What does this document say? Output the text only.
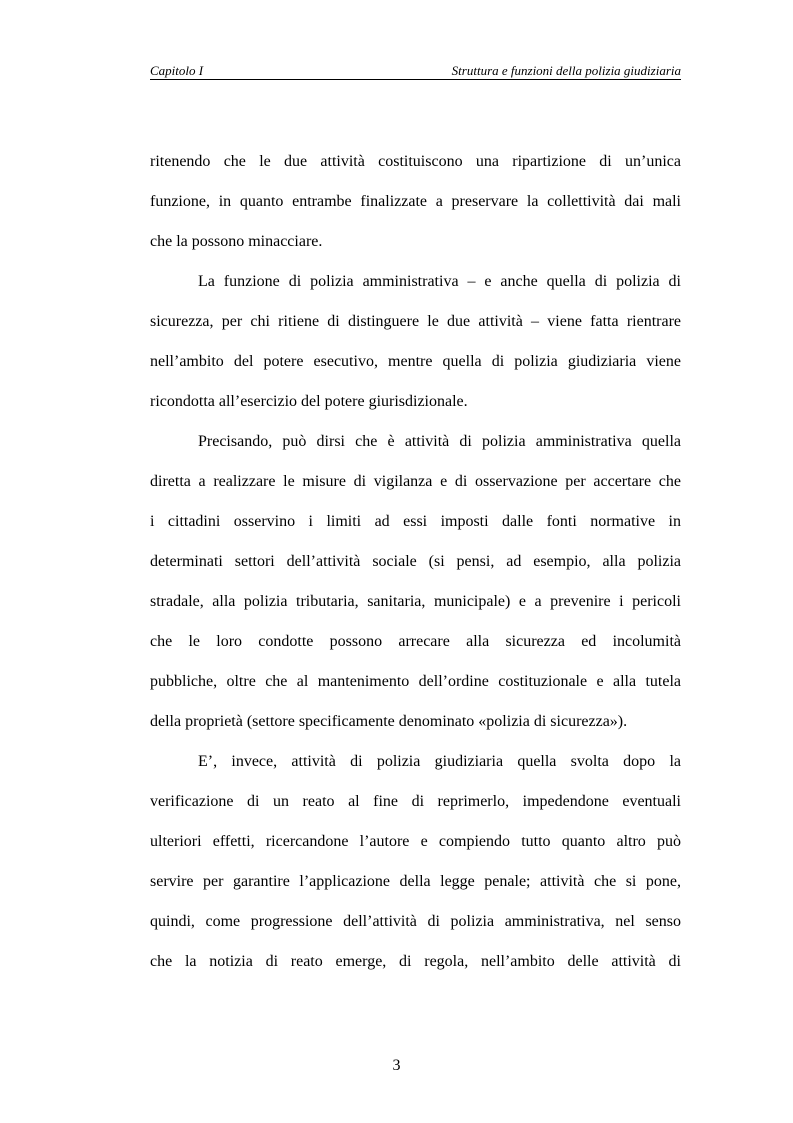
Capitolo I	Struttura e funzioni della polizia giudiziaria
ritenendo che le due attività costituiscono una ripartizione di un’unica
funzione, in quanto entrambe finalizzate a preservare la collettività dai mali
che la possono minacciare.
La funzione di polizia amministrativa – e anche quella di polizia di
sicurezza, per chi ritiene di distinguere le due attività – viene fatta rientrare
nell’ambito del potere esecutivo, mentre quella di polizia giudiziaria viene
ricondotta all’esercizio del potere giurisdizionale.
Precisando, può dirsi che è attività di polizia amministrativa quella
diretta a realizzare le misure di vigilanza e di osservazione per accertare che
i cittadini osservino i limiti ad essi imposti dalle fonti normative in
determinati settori dell’attività sociale (si pensi, ad esempio, alla polizia
stradale, alla polizia tributaria, sanitaria, municipale) e a prevenire i pericoli
che le loro condotte possono arrecare alla sicurezza ed incolumità
pubbliche, oltre che al mantenimento dell’ordine costituzionale e alla tutela
della proprietà (settore specificamente denominato «polizia di sicurezza»).
E’, invece, attività di polizia giudiziaria quella svolta dopo la
verificazione di un reato al fine di reprimerlo, impedendone eventuali
ulteriori effetti, ricercandone l’autore e compiendo tutto quanto altro può
servire per garantire l’applicazione della legge penale; attività che si pone,
quindi, come progressione dell’attività di polizia amministrativa, nel senso
che la notizia di reato emerge, di regola, nell’ambito delle attività di
3
